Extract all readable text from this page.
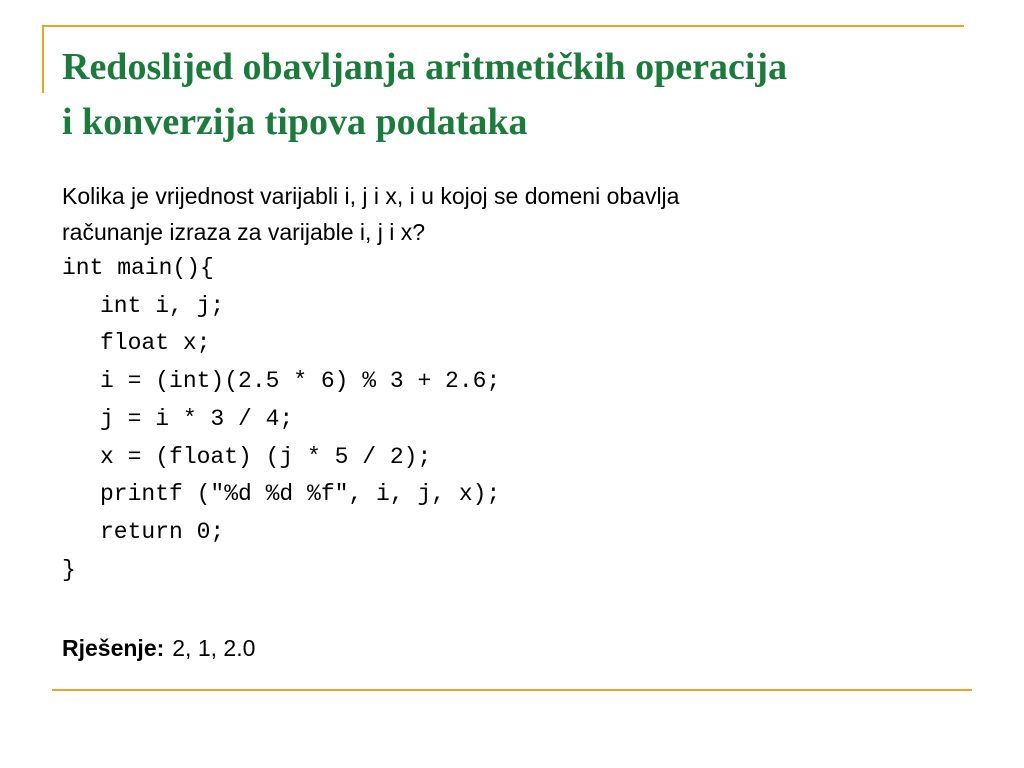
Redoslijed obavljanja aritmetičkih operacija
i konverzija tipova podataka

Kolika je vrijednost varijabli i, j i x, i u kojoj se domeni obavlja
računanje izraza za varijable i, j i x?

int main(){
int i, j;
float x;
i = (int)(2.5 * 6) % 3 + 2.6;
j = i * 3 / 4;
x = (float) (j * 5 / 2);
printf ("%d %d %f", i, j, x);
return 0;
}
Rješenje: 2, 1, 2.0
